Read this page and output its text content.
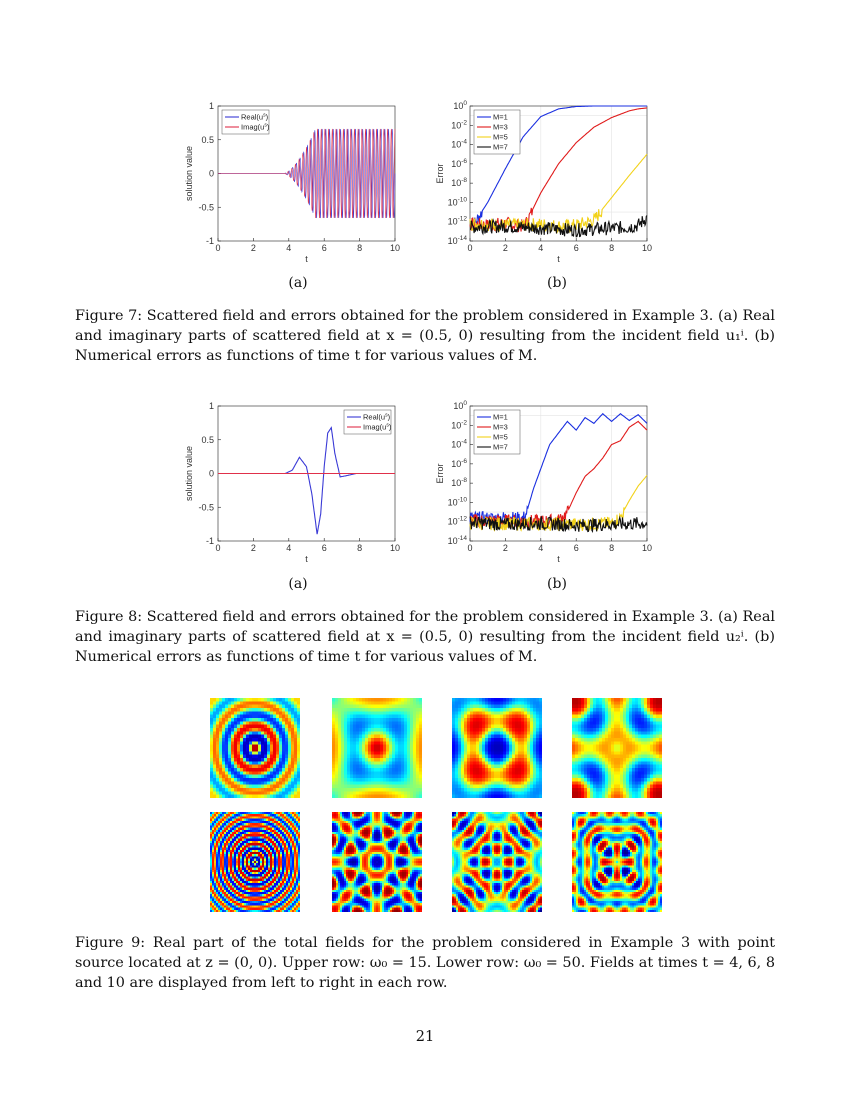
0	2	4	6	8	10
1
0.5
0
-0.5
-1
t
solution value
$Real(u^s)$
$Imag(u^s)$
0	2	4	6	8	10
$10^0$
$10^{-2}$
$10^{-4}$
$10^{-6}$
$10^{-8}$
$10^{-10}$
$10^{-12}$
$10^{-14}$
t
Error
M=1
M=3
M=5
M=7
(a)	(b)
Figure 7: Scattered field and errors obtained for the problem considered in Example 3. (a) Real and imaginary parts of scattered field at x = (0.5, 0) resulting from the incident field u₁ⁱ. (b) Numerical errors as functions of time t for various values of M.
0	2	4	6	8	10
1
0.5
0
-0.5
-1
t
solution value
$Real(u^s)$
$Imag(u^s)$
0	2	4	6	8	10
$10^0$
$10^{-2}$
$10^{-4}$
$10^{-6}$
$10^{-8}$
$10^{-10}$
$10^{-12}$
$10^{-14}$
t
Error
M=1
M=3
M=5
M=7
(a)	(b)
Figure 8: Scattered field and errors obtained for the problem considered in Example 3. (a) Real and imaginary parts of scattered field at x = (0.5, 0) resulting from the incident field u₂ⁱ. (b) Numerical errors as functions of time t for various values of M.
Figure 9: Real part of the total fields for the problem considered in Example 3 with point source located at z = (0, 0). Upper row: ω₀ = 15. Lower row: ω₀ = 50. Fields at times t = 4, 6, 8 and 10 are displayed from left to right in each row.
21
